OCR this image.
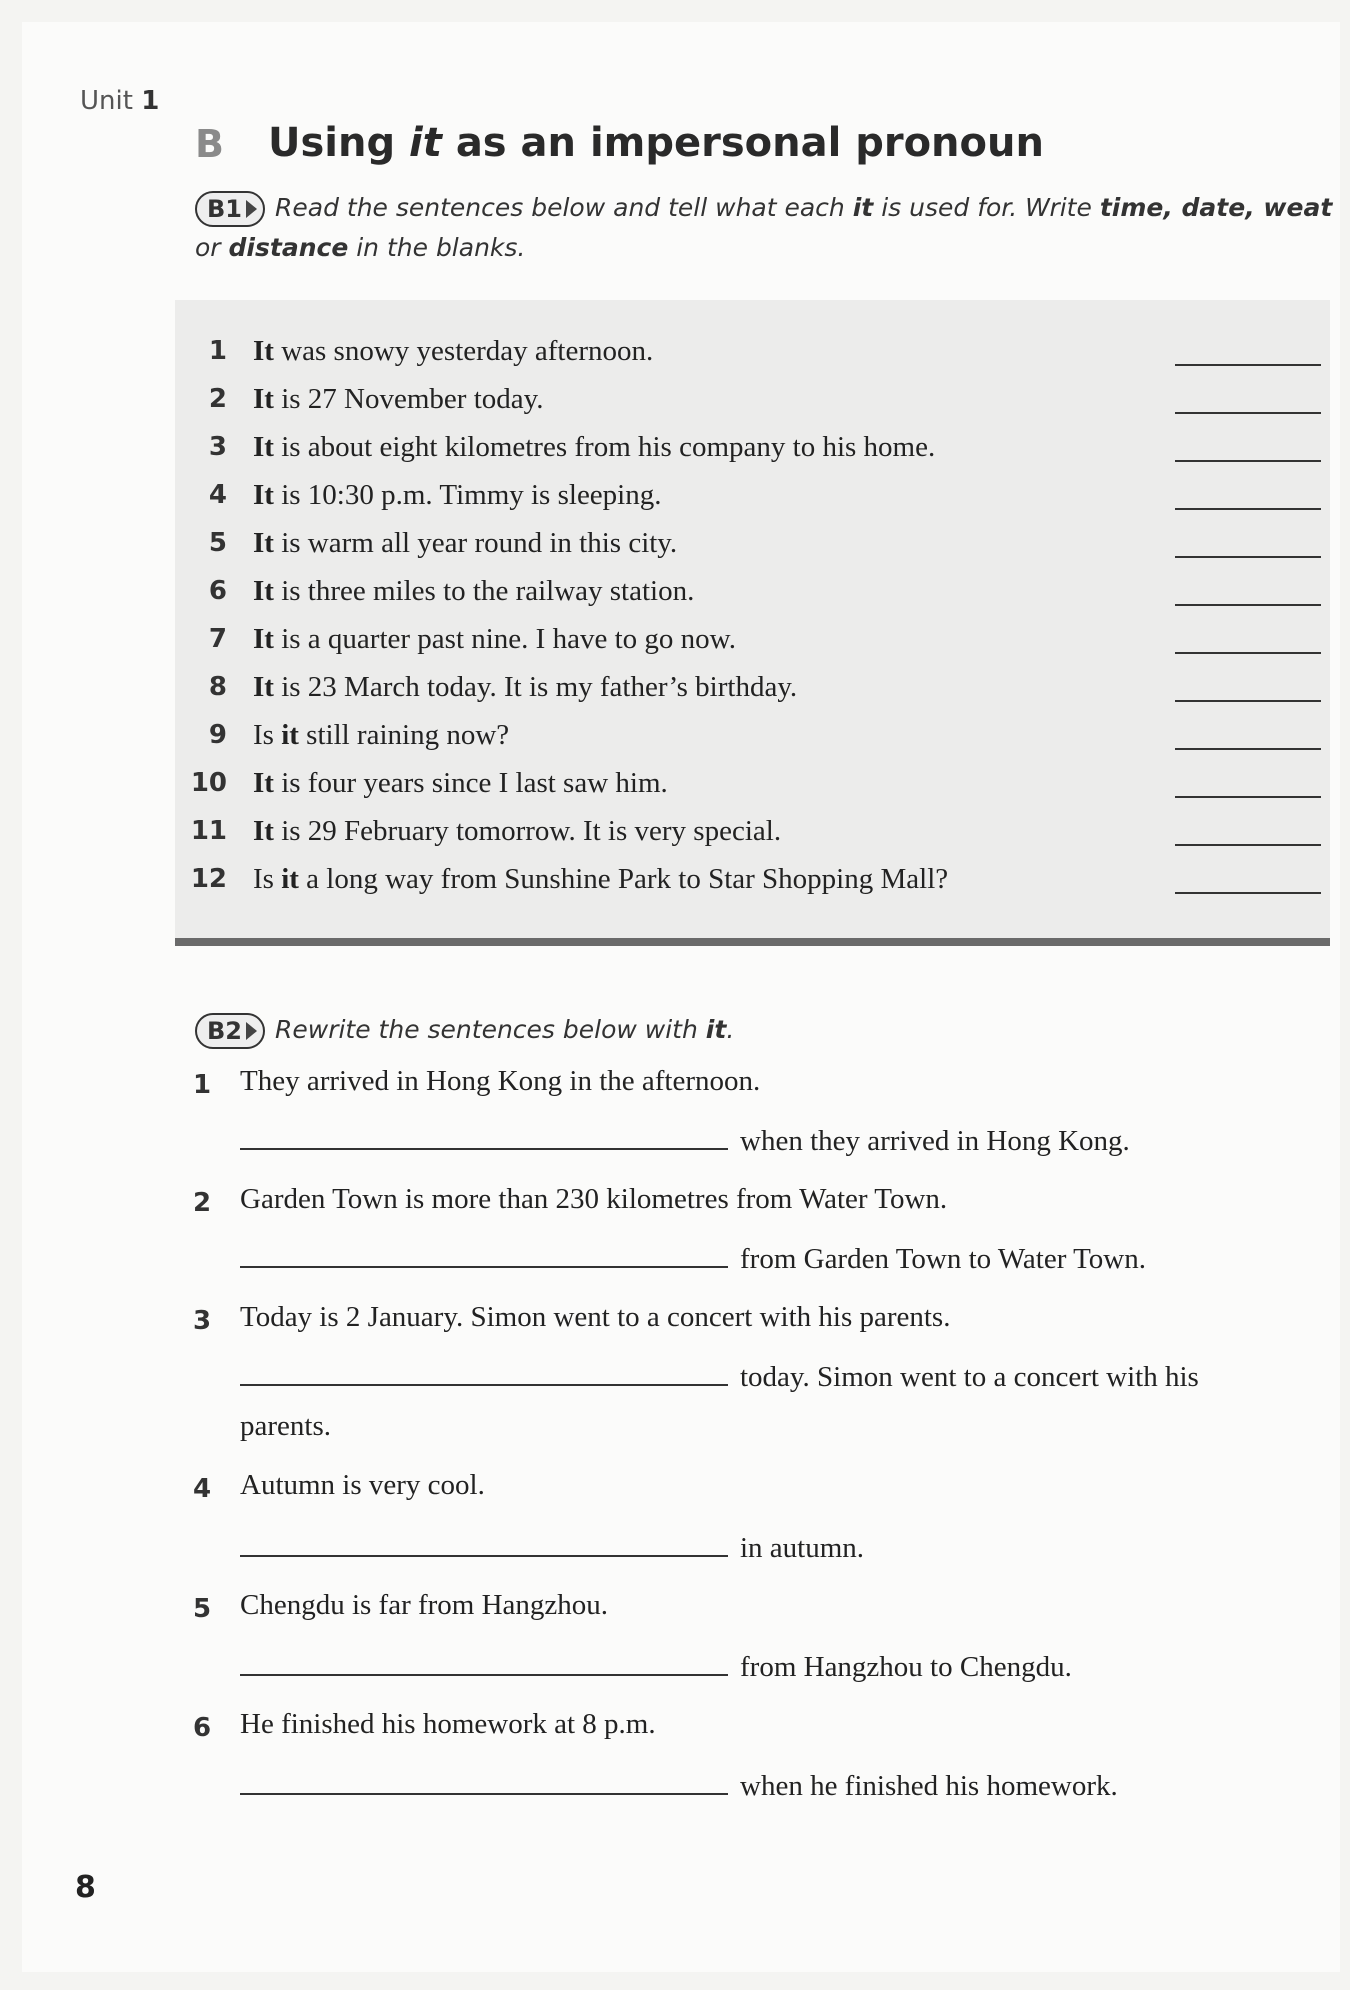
Unit 1
B Using it as an impersonal pronoun
B1 Read the sentences below and tell what each it is used for. Write time, date, weat
or distance in the blanks.
1 It was snowy yesterday afternoon.
2 It is 27 November today.
3 It is about eight kilometres from his company to his home.
4 It is 10:30 p.m. Timmy is sleeping.
5 It is warm all year round in this city.
6 It is three miles to the railway station.
7 It is a quarter past nine. I have to go now.
8 It is 23 March today. It is my father’s birthday.
9 Is it still raining now?
10 It is four years since I last saw him.
11 It is 29 February tomorrow. It is very special.
12 Is it a long way from Sunshine Park to Star Shopping Mall?
B2 Rewrite the sentences below with it.
1 They arrived in Hong Kong in the afternoon.
when they arrived in Hong Kong.
2 Garden Town is more than 230 kilometres from Water Town.
from Garden Town to Water Town.
3 Today is 2 January. Simon went to a concert with his parents.
today. Simon went to a concert with his
parents.
4 Autumn is very cool.
in autumn.
5 Chengdu is far from Hangzhou.
from Hangzhou to Chengdu.
6 He finished his homework at 8 p.m.
when he finished his homework.
8
